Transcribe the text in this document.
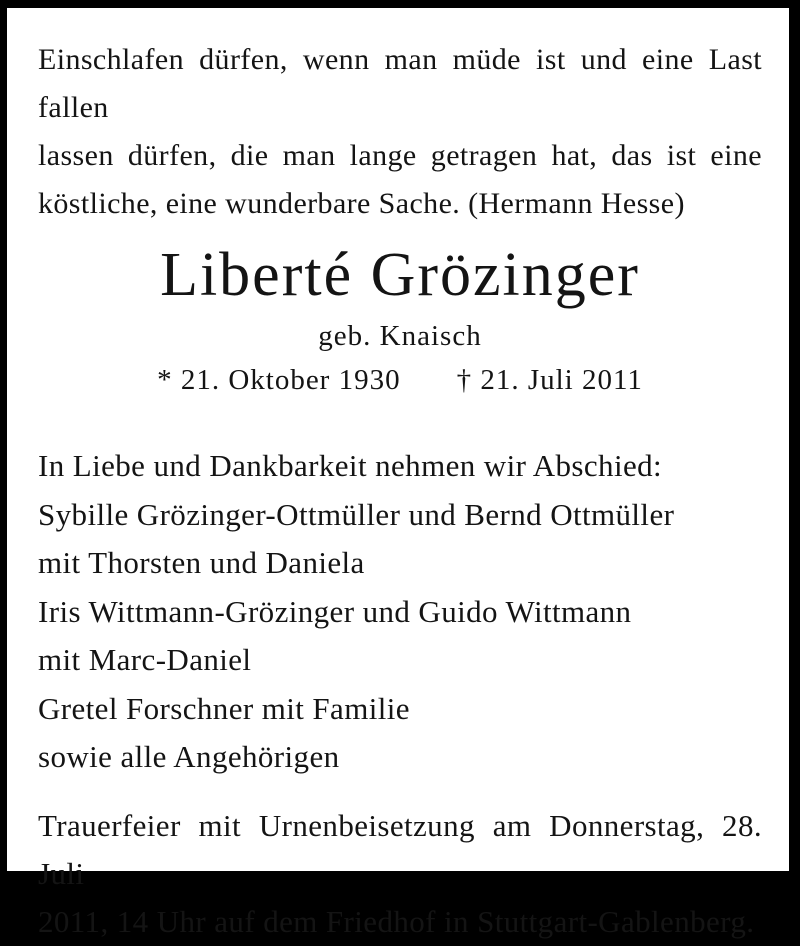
Einschlafen dürfen, wenn man müde ist und eine Last fallen
lassen dürfen, die man lange getragen hat, das ist eine
köstliche, eine wunderbare Sache. (Hermann Hesse)
Liberté Grözinger
geb. Knaisch
* 21. Oktober 1930 † 21. Juli 2011
In Liebe und Dankbarkeit nehmen wir Abschied:
Sybille Grözinger-Ottmüller und Bernd Ottmüller
mit Thorsten und Daniela
Iris Wittmann-Grözinger und Guido Wittmann
mit Marc-Daniel
Gretel Forschner mit Familie
sowie alle Angehörigen
Trauerfeier mit Urnenbeisetzung am Donnerstag, 28. Juli
2011, 14 Uhr auf dem Friedhof in Stuttgart-Gablenberg.
